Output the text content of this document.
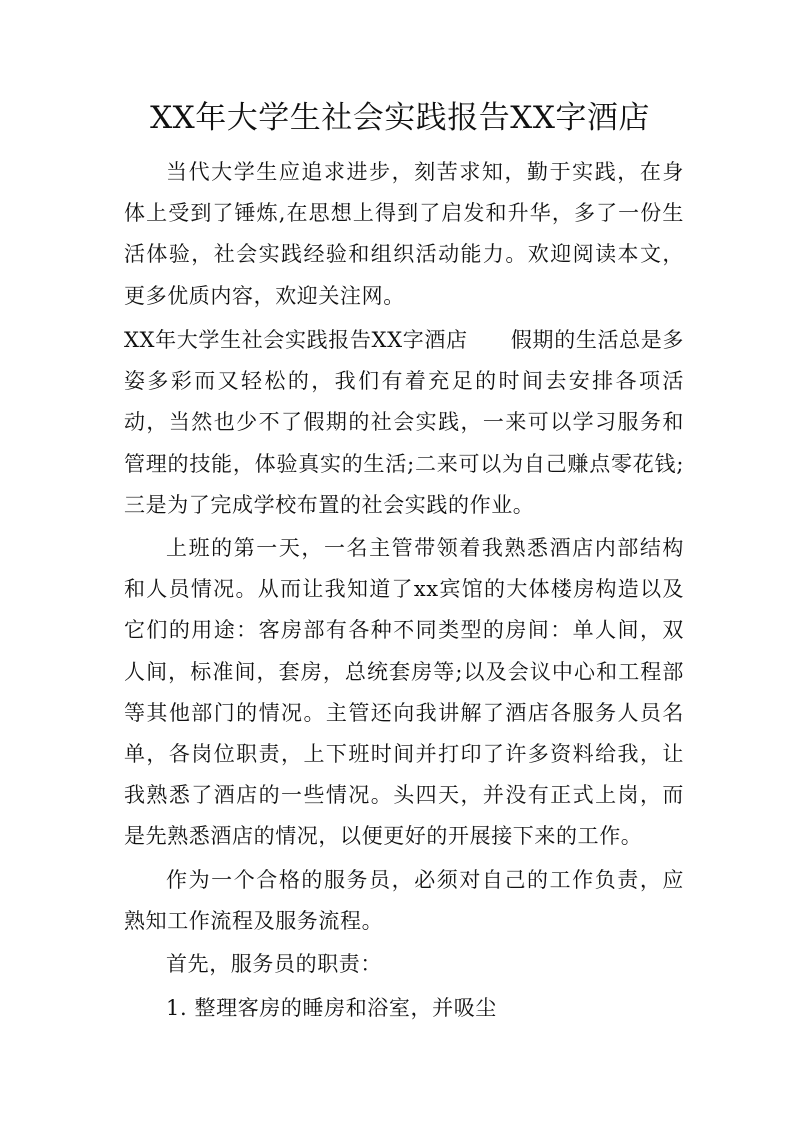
XX年大学生社会实践报告XX字酒店

当代大学生应追求进步，刻苦求知，勤于实践，在身体上受到了锤炼,在思想上得到了启发和升华，多了一份生活体验，社会实践经验和组织活动能力。欢迎阅读本文，更多优质内容，欢迎关注网。

XX年大学生社会实践报告XX字酒店　　假期的生活总是多姿多彩而又轻松的，我们有着充足的时间去安排各项活动，当然也少不了假期的社会实践，一来可以学习服务和管理的技能，体验真实的生活;二来可以为自己赚点零花钱;三是为了完成学校布置的社会实践的作业。

上班的第一天，一名主管带领着我熟悉酒店内部结构和人员情况。从而让我知道了xx宾馆的大体楼房构造以及它们的用途：客房部有各种不同类型的房间：单人间，双人间，标准间，套房，总统套房等;以及会议中心和工程部等其他部门的情况。主管还向我讲解了酒店各服务人员名单，各岗位职责，上下班时间并打印了许多资料给我，让我熟悉了酒店的一些情况。头四天，并没有正式上岗，而是先熟悉酒店的情况，以便更好的开展接下来的工作。

作为一个合格的服务员，必须对自己的工作负责，应熟知工作流程及服务流程。

首先，服务员的职责：

1. 整理客房的睡房和浴室，并吸尘
